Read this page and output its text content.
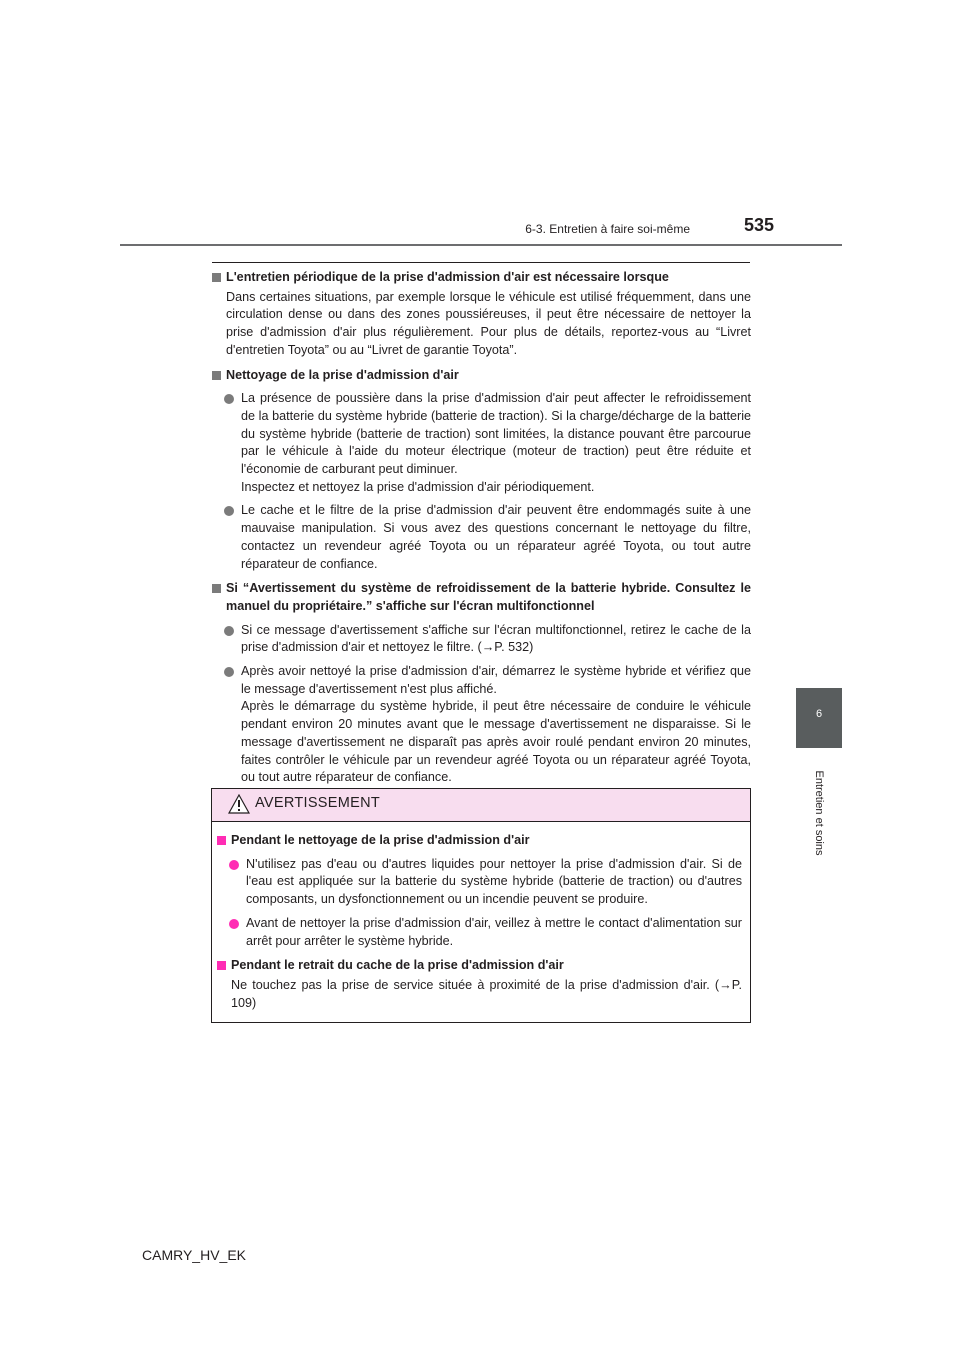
6-3. Entretien à faire soi-même	535
6
Entretien et soins
L'entretien périodique de la prise d'admission d'air est nécessaire lorsque
Dans certaines situations, par exemple lorsque le véhicule est utilisé fréquemment, dans une circulation dense ou dans des zones poussiéreuses, il peut être nécessaire de nettoyer la prise d'admission d'air plus régulièrement. Pour plus de détails, reportez-vous au “Livret d'entretien Toyota” ou au “Livret de garantie Toyota”.
Nettoyage de la prise d'admission d'air
La présence de poussière dans la prise d'admission d'air peut affecter le refroidissement de la batterie du système hybride (batterie de traction). Si la charge/décharge de la batterie du système hybride (batterie de traction) sont limitées, la distance pouvant être parcourue par le véhicule à l'aide du moteur électrique (moteur de traction) peut être réduite et l'économie de carburant peut diminuer.
Inspectez et nettoyez la prise d'admission d'air périodiquement.
Le cache et le filtre de la prise d'admission d'air peuvent être endommagés suite à une mauvaise manipulation. Si vous avez des questions concernant le nettoyage du filtre, contactez un revendeur agréé Toyota ou un réparateur agréé Toyota, ou tout autre réparateur de confiance.
Si “Avertissement du système de refroidissement de la batterie hybride. Consultez le manuel du propriétaire.” s'affiche sur l'écran multifonctionnel
Si ce message d'avertissement s'affiche sur l'écran multifonctionnel, retirez le cache de la prise d'admission d'air et nettoyez le filtre. (→P. 532)
Après avoir nettoyé la prise d'admission d'air, démarrez le système hybride et vérifiez que le message d'avertissement n'est plus affiché.
Après le démarrage du système hybride, il peut être nécessaire de conduire le véhicule pendant environ 20 minutes avant que le message d'avertissement ne disparaisse. Si le message d'avertissement ne disparaît pas après avoir roulé pendant environ 20 minutes, faites contrôler le véhicule par un revendeur agréé Toyota ou un réparateur agréé Toyota, ou tout autre réparateur de confiance.
AVERTISSEMENT
Pendant le nettoyage de la prise d'admission d'air
N'utilisez pas d'eau ou d'autres liquides pour nettoyer la prise d'admission d'air. Si de l'eau est appliquée sur la batterie du système hybride (batterie de traction) ou d'autres composants, un dysfonctionnement ou un incendie peuvent se produire.
Avant de nettoyer la prise d'admission d'air, veillez à mettre le contact d'alimentation sur arrêt pour arrêter le système hybride.
Pendant le retrait du cache de la prise d'admission d'air
Ne touchez pas la prise de service située à proximité de la prise d'admission d'air. (→P. 109)
CAMRY_HV_EK
